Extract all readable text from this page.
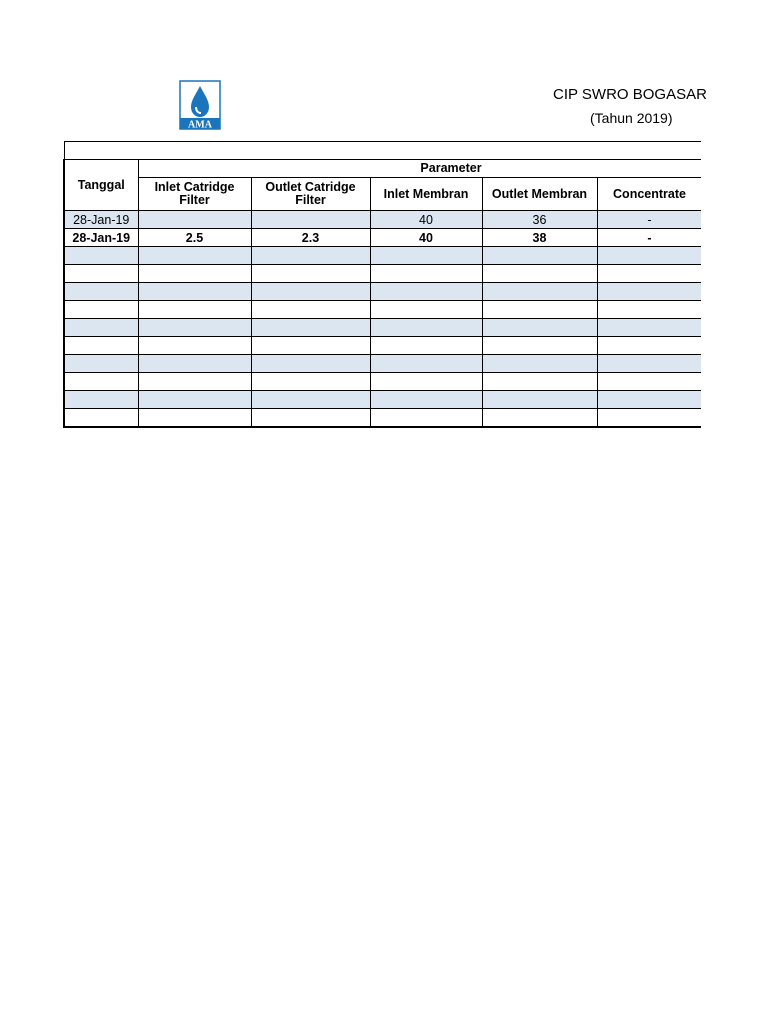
AMA
CIP SWRO BOGASAR
(Tahun 2019)

Tanggal	Parameter					
	Inlet Catridge Filter	Outlet Catridge Filter	Inlet Membran	Outlet Membran	Concentrate	
28-Jan-19			40	36	-	
28-Jan-19	2.5	2.3	40	38	-	
